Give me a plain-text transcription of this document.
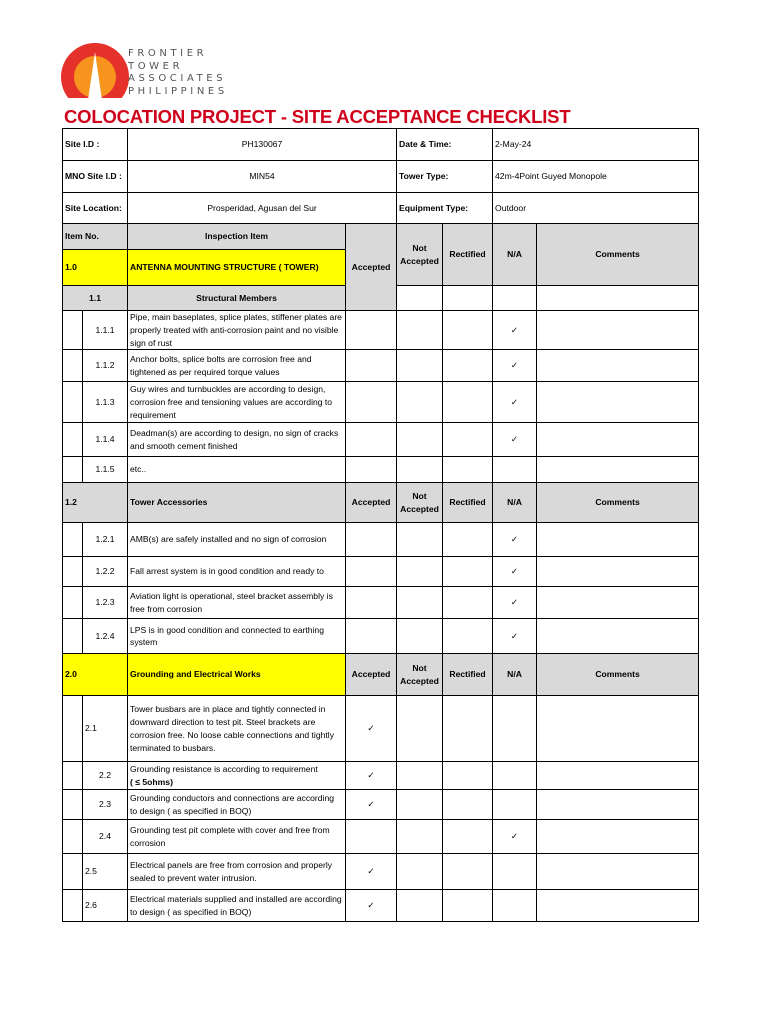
FRONTIER
TOWER
ASSOCIATES
PHILIPPINES
COLOCATION PROJECT - SITE ACCEPTANCE CHECKLIST
Site I.D :		PH130067		Date & Time:		2-May-24	
MNO Site I.D :		MIN54		Tower Type:		42m-4Point Guyed Monopole	
Site Location:		Prosperidad, Agusan del Sur		Equipment Type:		Outdoor	
Item No.		Inspection Item	Accepted	Not Accepted	Rectified	N/A	Comments
1.0		ANTENNA MOUNTING STRUCTURE ( TOWER)					
1.1		Structural Members					
	1.1.1	Pipe, main baseplates, splice plates, stiffener plates are properly treated with anti-corrosion paint and no visible sign of rust				✓	
	1.1.2	Anchor bolts, splice bolts are corrosion free and tightened as per required torque values				✓	
	1.1.3	Guy wires and turnbuckles are according to design, corrosion free and tensioning values are according to requirement				✓	
	1.1.4	Deadman(s) are according to design, no sign of cracks and smooth cement finished				✓	
	1.1.5	etc..					
1.2		Tower Accessories	Accepted	Not Accepted	Rectified	N/A	Comments
	1.2.1	AMB(s) are safely installed and no sign of corrosion				✓	
	1.2.2	Fall arrest system is in good condition and ready to				✓	
	1.2.3	Aviation light is operational, steel bracket assembly is free from corrosion				✓	
	1.2.4	LPS is in good condition and connected to earthing system				✓	
2.0		Grounding and Electrical Works	Accepted	Not Accepted	Rectified	N/A	Comments
	2.1	Tower busbars are in place and tightly connected in downward direction to test pit. Steel brackets are corrosion free. No loose cable connections and tightly terminated to busbars.	✓				
	2.2	Grounding resistance is according to requirement
( ≤ 5ohms)	✓				
	2.3	Grounding conductors and connections are according to design ( as specified in BOQ)	✓				
	2.4	Grounding test pit complete with cover and free from corrosion				✓	
	2.5	Electrical panels are free from corrosion and properly sealed to prevent water intrusion.	✓				
	2.6	Electrical materials supplied and installed are according to design ( as specified in BOQ)	✓				
